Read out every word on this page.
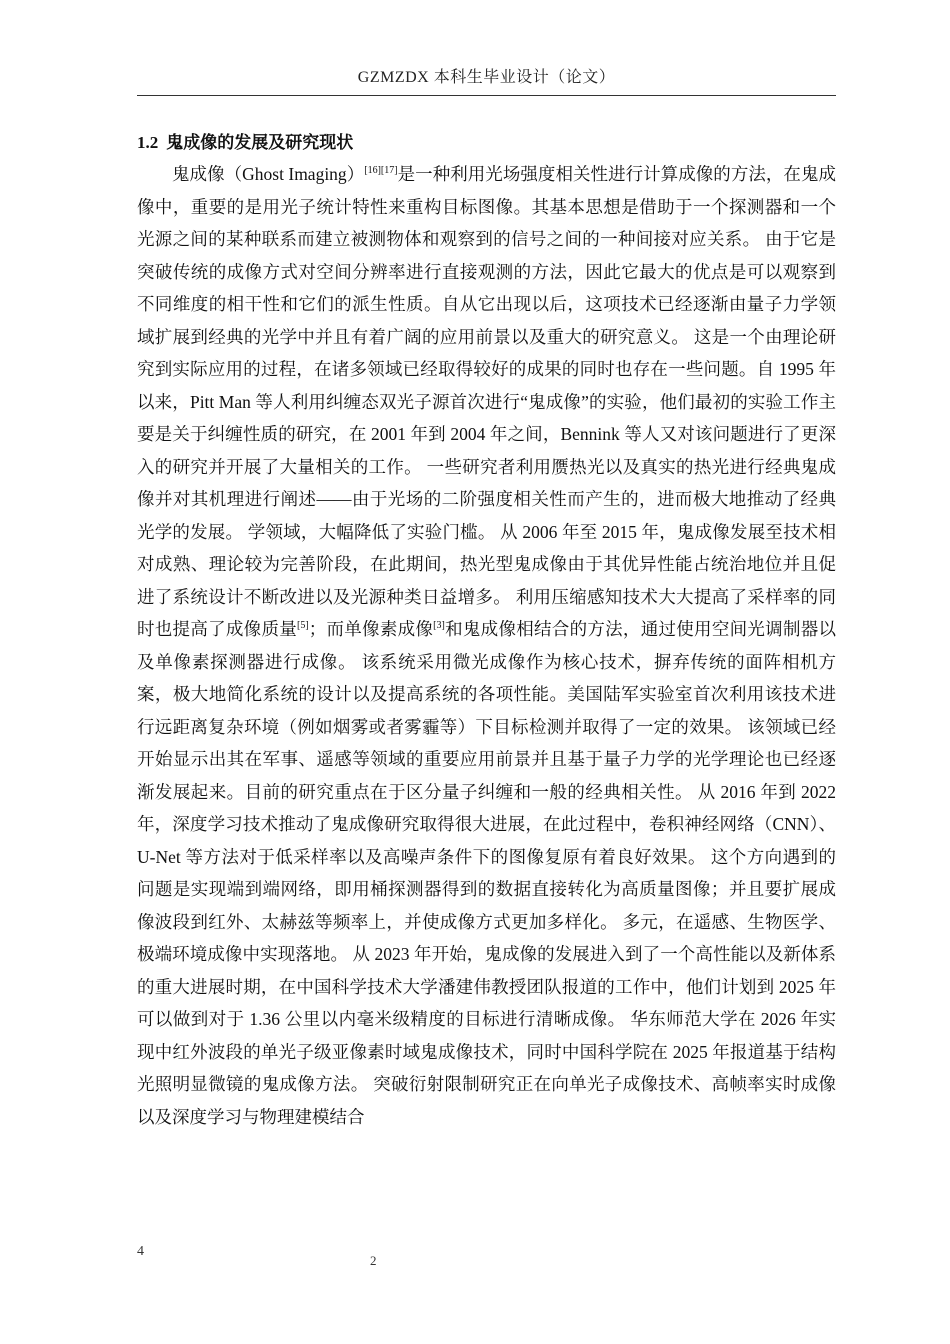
GZMZDX 本科生毕业设计（论文）
1.2 鬼成像的发展及研究现状

鬼成像（Ghost Imaging）[16][17]是一种利用光场强度相关性进行计算成像的方法，在鬼成像中，重要的是用光子统计特性来重构目标图像。其基本思想是借助于一个探测器和一个光源之间的某种联系而建立被测物体和观察到的信号之间的一种间接对应关系。 由于它是突破传统的成像方式对空间分辨率进行直接观测的方法，因此它最大的优点是可以观察到不同维度的相干性和它们的派生性质。自从它出现以后，这项技术已经逐渐由量子力学领域扩展到经典的光学中并且有着广阔的应用前景以及重大的研究意义。 这是一个由理论研究到实际应用的过程，在诸多领域已经取得较好的成果的同时也存在一些问题。自 1995 年以来，Pitt Man 等人利用纠缠态双光子源首次进行“鬼成像”的实验，他们最初的实验工作主要是关于纠缠性质的研究，在 2001 年到 2004 年之间，Bennink 等人又对该问题进行了更深入的研究并开展了大量相关的工作。 一些研究者利用赝热光以及真实的热光进行经典鬼成像并对其机理进行阐述——由于光场的二阶强度相关性而产生的，进而极大地推动了经典光学的发展。 学领域，大幅降低了实验门槛。 从 2006 年至 2015 年，鬼成像发展至技术相对成熟、理论较为完善阶段，在此期间，热光型鬼成像由于其优异性能占统治地位并且促进了系统设计不断改进以及光源种类日益增多。 利用压缩感知技术大大提高了采样率的同时也提高了成像质量[5]；而单像素成像[3]和鬼成像相结合的方法，通过使用空间光调制器以及单像素探测器进行成像。 该系统采用微光成像作为核心技术，摒弃传统的面阵相机方案，极大地简化系统的设计以及提高系统的各项性能。美国陆军实验室首次利用该技术进行远距离复杂环境（例如烟雾或者雾霾等）下目标检测并取得了一定的效果。 该领域已经开始显示出其在军事、遥感等领域的重要应用前景并且基于量子力学的光学理论也已经逐渐发展起来。目前的研究重点在于区分量子纠缠和一般的经典相关性。 从 2016 年到 2022 年，深度学习技术推动了鬼成像研究取得很大进展，在此过程中，卷积神经网络（CNN）、U-Net 等方法对于低采样率以及高噪声条件下的图像复原有着良好效果。 这个方向遇到的问题是实现端到端网络，即用桶探测器得到的数据直接转化为高质量图像；并且要扩展成像波段到红外、太赫兹等频率上，并使成像方式更加多样化。 多元，在遥感、生物医学、极端环境成像中实现落地。 从 2023 年开始，鬼成像的发展进入到了一个高性能以及新体系的重大进展时期，在中国科学技术大学潘建伟教授团队报道的工作中，他们计划到 2025 年可以做到对于 1.36 公里以内毫米级精度的目标进行清晰成像。 华东师范大学在 2026 年实现中红外波段的单光子级亚像素时域鬼成像技术，同时中国科学院在 2025 年报道基于结构光照明显微镜的鬼成像方法。 突破衍射限制研究正在向单光子成像技术、高帧率实时成像以及深度学习与物理建模结合

4
2
